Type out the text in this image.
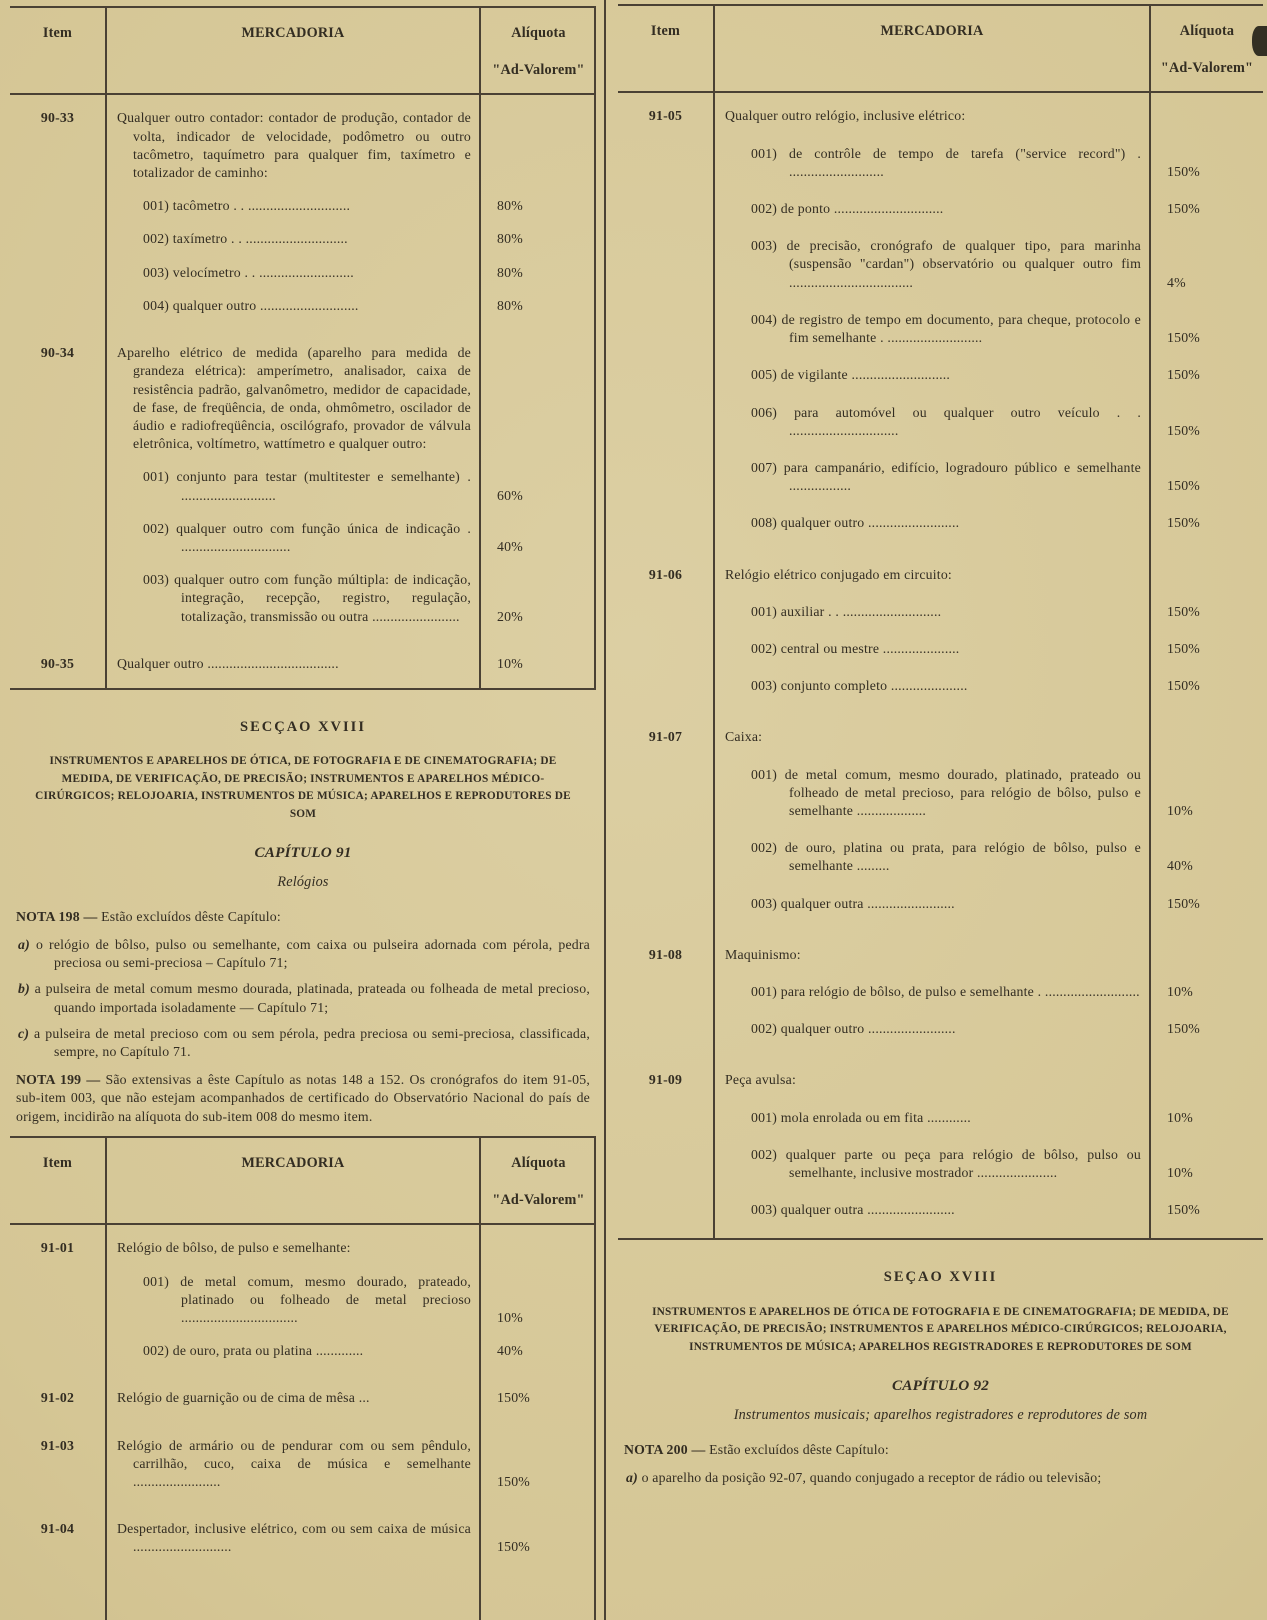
Item	MERCADORIA	Alíquota
"Ad-Valorem"
90-33	Qualquer outro contador: contador de produção, contador de volta, indicador de velocidade, podômetro ou outro tacômetro, taquímetro para qualquer fim, taxímetro e totalizador de caminho:
001) tacômetro . . ............................	80%
002) taxímetro . . ............................	80%
003) velocímetro . . ..........................	80%
004) qualquer outro ...........................	80%
90-34	Aparelho elétrico de medida (aparelho para medida de grandeza elétrica): amperímetro, analisador, caixa de resistência padrão, galvanômetro, medidor de capacidade, de fase, de freqüência, de onda, ohmômetro, oscilador de áudio e radiofreqüência, oscilógrafo, provador de válvula eletrônica, voltímetro, wattímetro e qualquer outro:
001) conjunto para testar (multitester e semelhante) . ..........................	60%
002) qualquer outro com função única de indicação . ..............................	40%
003) qualquer outro com função múltipla: de indicação, integração, recepção, registro, regulação, totalização, transmissão ou outra ........................	20%
90-35	Qualquer outro ....................................	10%
SECÇAO XVIII

INSTRUMENTOS E APARELHOS DE ÓTICA, DE FOTOGRAFIA E DE CINEMATOGRAFIA; DE MEDIDA, DE VERIFICAÇÃO, DE PRECISÃO; INSTRUMENTOS E APARELHOS MÉDICO-CIRÚRGICOS; RELOJOARIA, INSTRUMENTOS DE MÚSICA; APARELHOS E REPRODUTORES DE SOM

CAPÍTULO 91

Relógios

NOTA 198 — Estão excluídos dêste Capítulo:

a) o relógio de bôlso, pulso ou semelhante, com caixa ou pulseira adornada com pérola, pedra preciosa ou semi-preciosa – Capítulo 71;

b) a pulseira de metal comum mesmo dourada, platinada, prateada ou folheada de metal precioso, quando importada isoladamente — Capítulo 71;

c) a pulseira de metal precioso com ou sem pérola, pedra preciosa ou semi-preciosa, classificada, sempre, no Capítulo 71.

NOTA 199 — São extensivas a êste Capítulo as notas 148 a 152. Os cronógrafos do item 91-05, sub-item 003, que não estejam acompanhados de certificado do Observatório Nacional do país de origem, incidirão na alíquota do sub-item 008 do mesmo item.

Item	MERCADORIA	Alíquota
"Ad-Valorem"
91-01	Relógio de bôlso, de pulso e semelhante:
001) de metal comum, mesmo dourado, prateado, platinado ou folheado de metal precioso ................................	10%
002) de ouro, prata ou platina .............	40%
91-02	Relógio de guarnição ou de cima de mêsa ...	150%
91-03	Relógio de armário ou de pendurar com ou sem pêndulo, carrilhão, cuco, caixa de música e semelhante ........................	150%
91-04	Despertador, inclusive elétrico, com ou sem caixa de música ...........................	150%
Item	MERCADORIA	Alíquota
"Ad-Valorem"
91-05	Qualquer outro relógio, inclusive elétrico:
001) de contrôle de tempo de tarefa ("service record") . ..........................	150%
002) de ponto ..............................	150%
003) de precisão, cronógrafo de qualquer tipo, para marinha (suspensão "cardan") observatório ou qualquer outro fim ..................................	4%
004) de registro de tempo em documento, para cheque, protocolo e fim semelhante . ..........................	150%
005) de vigilante ...........................	150%
006) para automóvel ou qualquer outro veículo . . ..............................	150%
007) para campanário, edifício, logradouro público e semelhante .................	150%
008) qualquer outro .........................	150%
91-06	Relógio elétrico conjugado em circuito:
001) auxiliar . . ...........................	150%
002) central ou mestre .....................	150%
003) conjunto completo .....................	150%
91-07	Caixa:
001) de metal comum, mesmo dourado, platinado, prateado ou folheado de metal precioso, para relógio de bôlso, pulso e semelhante ...................	10%
002) de ouro, platina ou prata, para relógio de bôlso, pulso e semelhante .........	40%
003) qualquer outra ........................	150%
91-08	Maquinismo:
001) para relógio de bôlso, de pulso e semelhante . .......................... 10%
002) qualquer outro ........................	150%
91-09	Peça avulsa:
001) mola enrolada ou em fita ............	10%
002) qualquer parte ou peça para relógio de bôlso, pulso ou semelhante, inclusive mostrador ......................	10%
003) qualquer outra ........................	150%
SEÇAO XVIII

INSTRUMENTOS E APARELHOS DE ÓTICA DE FOTOGRAFIA E DE CINEMATOGRAFIA; DE MEDIDA, DE VERIFICAÇÃO, DE PRECISÃO; INSTRUMENTOS E APARELHOS MÉDICO-CIRÚRGICOS; RELOJOARIA, INSTRUMENTOS DE MÚSICA; APARELHOS REGISTRADORES E REPRODUTORES DE SOM

CAPÍTULO 92

Instrumentos musicais; aparelhos registradores e reprodutores de som

NOTA 200 — Estão excluídos dêste Capítulo:

a) o aparelho da posição 92-07, quando conjugado a receptor de rádio ou televisão;
